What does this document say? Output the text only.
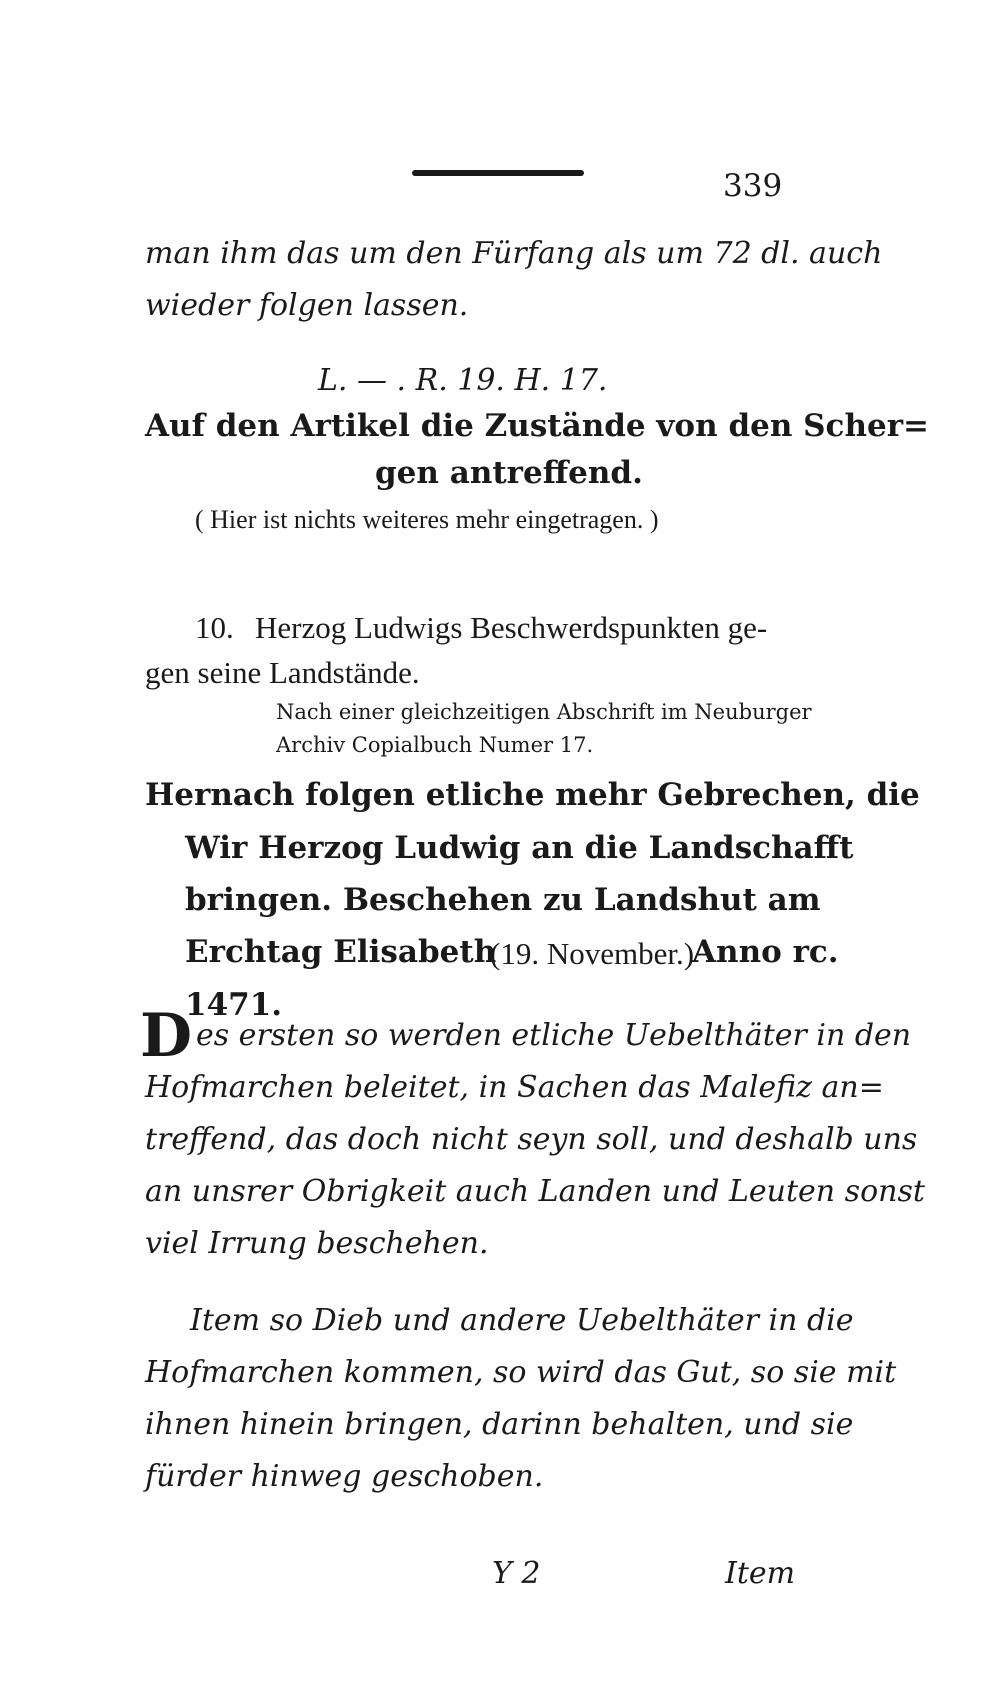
339
man ihm das um den Fürfang als um 72 dl. auch
wieder folgen lassen.
L. — . R. 19. H. 17.
Auf den Artikel die Zustände von den Scher=
gen antreffend.
( Hier ist nichts weiteres mehr eingetragen. )
10. Herzog Ludwigs Beschwerdspunkten ge-
gen seine Landstände.
Nach einer gleichzeitigen Abschrift im Neuburger
Archiv Copialbuch Numer 17.
Hernach folgen etliche mehr Gebrechen, die
Wir Herzog Ludwig an die Landschafft
bringen. Beschehen zu Landshut am
Erchtag Elisabeth
(19. November.)
Anno rc.
1471.
D es ersten so werden etliche Uebelthäter in den
Hofmarchen beleitet, in Sachen das Malefiz an=
treffend, das doch nicht seyn soll, und deshalb uns
an unsrer Obrigkeit auch Landen und Leuten sonst
viel Irrung beschehen.
Item so Dieb und andere Uebelthäter in die
Hofmarchen kommen, so wird das Gut, so sie mit
ihnen hinein bringen, darinn behalten, und sie
fürder hinweg geschoben.
Y 2	Item
